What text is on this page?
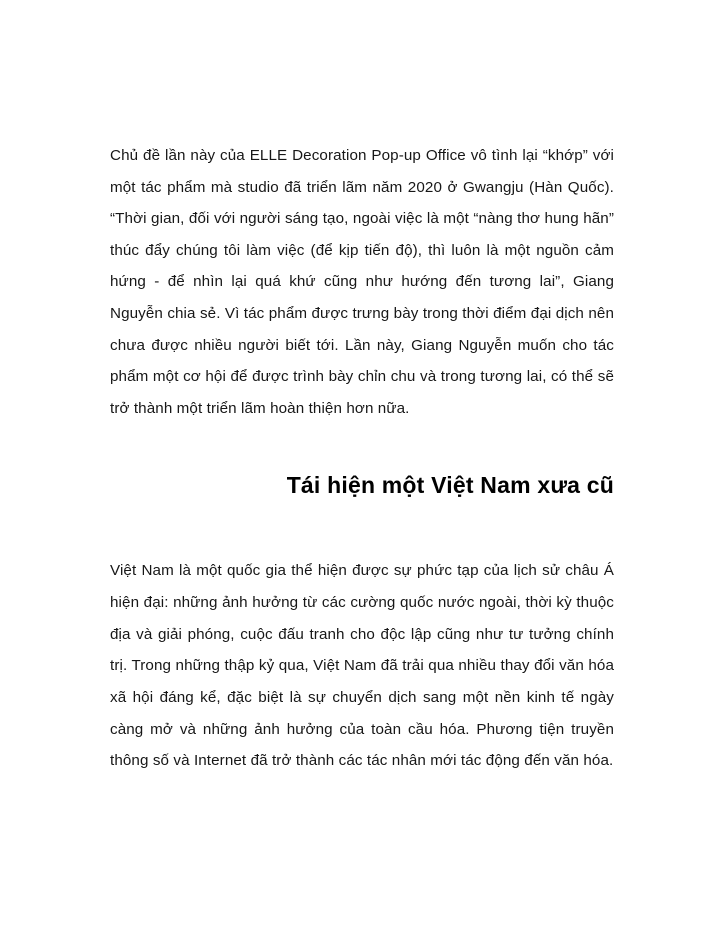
Chủ đề lần này của ELLE Decoration Pop-up Office vô tình lại “khớp” với một tác phẩm mà studio đã triển lãm năm 2020 ở Gwangju (Hàn Quốc). “Thời gian, đối với người sáng tạo, ngoài việc là một “nàng thơ hung hãn” thúc đẩy chúng tôi làm việc (để kịp tiến độ), thì luôn là một nguồn cảm hứng - để nhìn lại quá khứ cũng như hướng đến tương lai”, Giang Nguyễn chia sẻ. Vì tác phẩm được trưng bày trong thời điểm đại dịch nên chưa được nhiều người biết tới. Lần này, Giang Nguyễn muốn cho tác phẩm một cơ hội để được trình bày chỉn chu và trong tương lai, có thể sẽ trở thành một triển lãm hoàn thiện hơn nữa.

Tái hiện một Việt Nam xưa cũ

Việt Nam là một quốc gia thể hiện được sự phức tạp của lịch sử châu Á hiện đại: những ảnh hưởng từ các cường quốc nước ngoài, thời kỳ thuộc địa và giải phóng, cuộc đấu tranh cho độc lập cũng như tư tưởng chính trị. Trong những thập kỷ qua, Việt Nam đã trải qua nhiều thay đổi văn hóa xã hội đáng kể, đặc biệt là sự chuyển dịch sang một nền kinh tế ngày càng mở và những ảnh hưởng của toàn cầu hóa. Phương tiện truyền thông số và Internet đã trở thành các tác nhân mới tác động đến văn hóa.
